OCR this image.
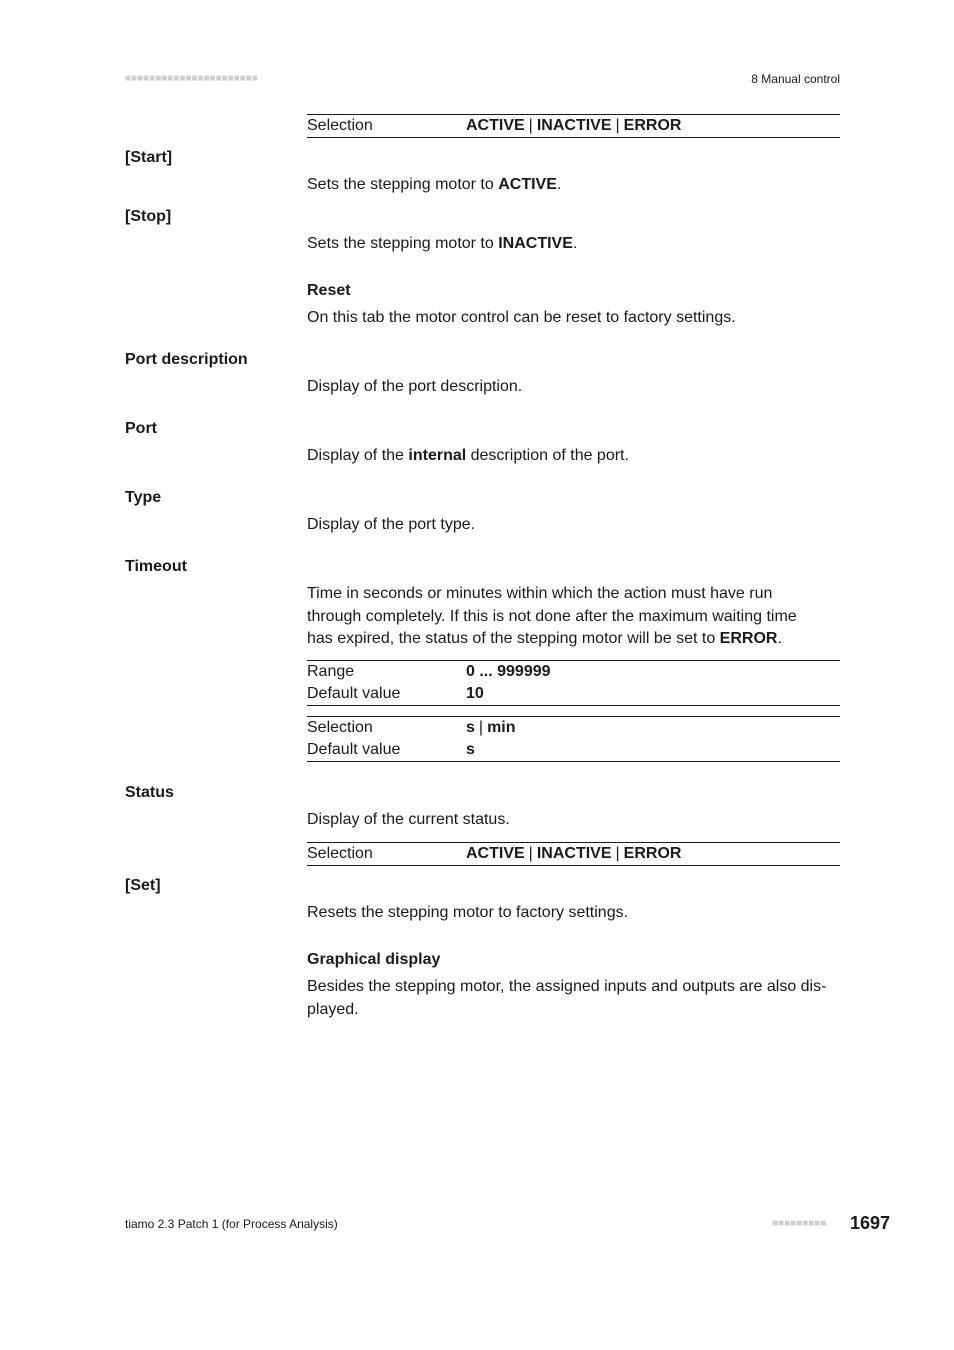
■■■■■■■■■■■■■■■■■■■■■■	8 Manual control
Selection	ACTIVE | INACTIVE | ERROR
[Start]
Sets the stepping motor to ACTIVE.
[Stop]
Sets the stepping motor to INACTIVE.
Reset
On this tab the motor control can be reset to factory settings.
Port description
Display of the port description.
Port
Display of the internal description of the port.
Type
Display of the port type.
Timeout
Time in seconds or minutes within which the action must have run
through completely. If this is not done after the maximum waiting time
has expired, the status of the stepping motor will be set to ERROR.
Range	0 ... 999999
Default value	10
Selection	s | min
Default value	s
Status
Display of the current status.
Selection	ACTIVE | INACTIVE | ERROR
[Set]
Resets the stepping motor to factory settings.
Graphical display
Besides the stepping motor, the assigned inputs and outputs are also dis-
played.
tiamo 2.3 Patch 1 (for Process Analysis)	■■■■■■■■■ 1697
